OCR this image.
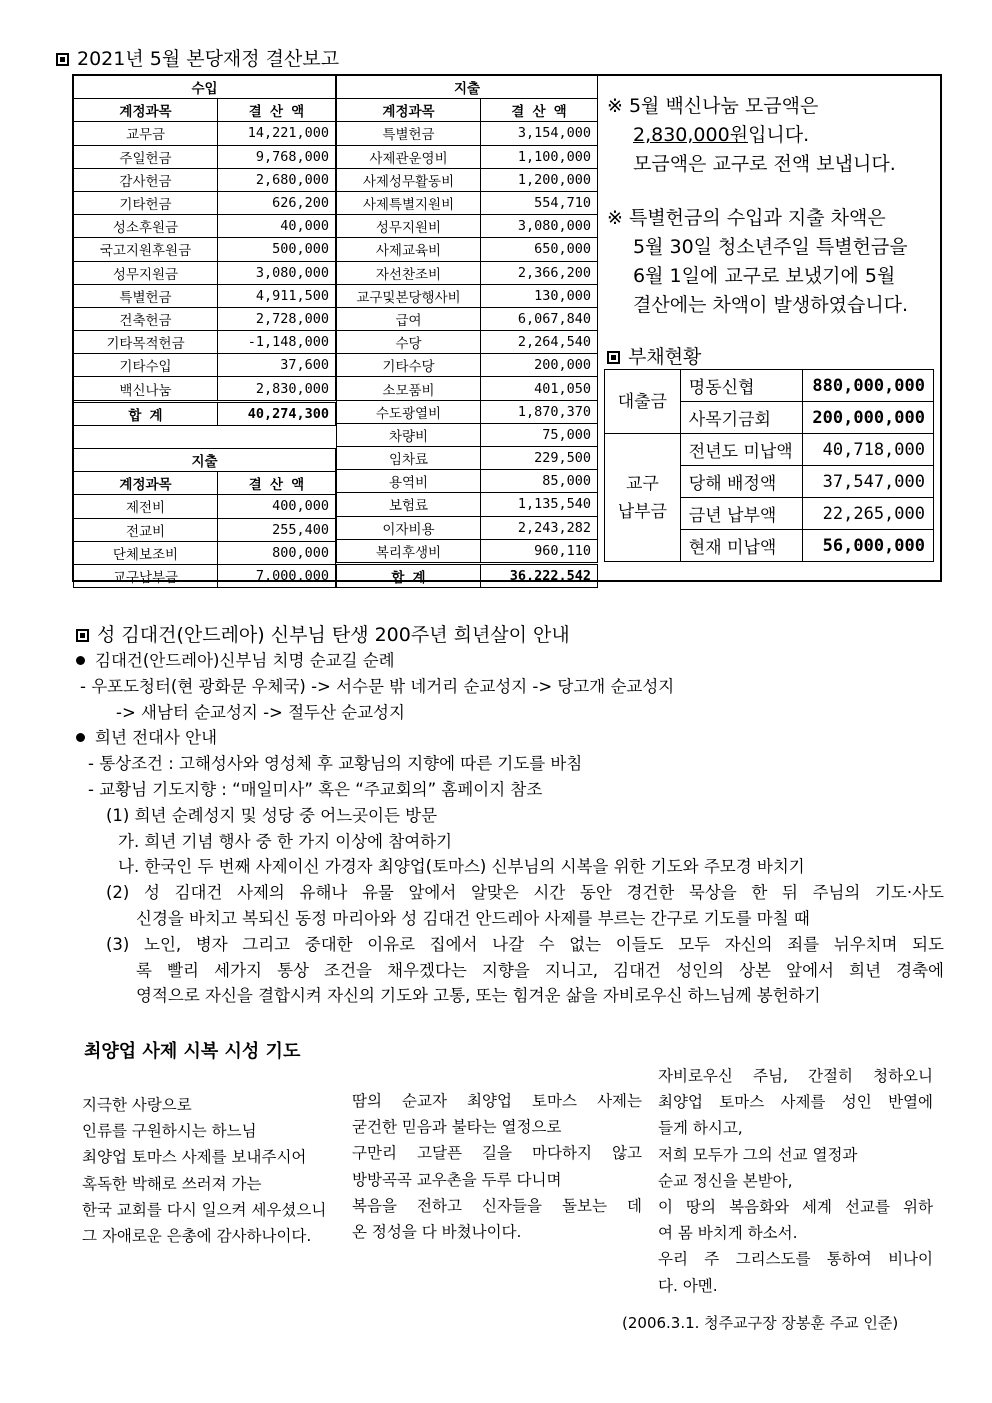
2021년 5월 본당재정 결산보고
수입	
계정과목	결 산 액
교무금	14,221,000
주일헌금	9,768,000
감사헌금	2,680,000
기타헌금	626,200
성소후원금	40,000
국고지원후원금	500,000
성무지원금	3,080,000
특별헌금	4,911,500
건축헌금	2,728,000
기타목적헌금	-1,148,000
기타수입	37,600
백신나눔	2,830,000
합 계	40,274,300

지출	
계정과목	결 산 액
제전비	400,000
전교비	255,400
단체보조비	800,000
교구납부금	7,000,000
지출	
계정과목	결 산 액
특별헌금	3,154,000
사제관운영비	1,100,000
사제성무활동비	1,200,000
사제특별지원비	554,710
성무지원비	3,080,000
사제교육비	650,000
자선찬조비	2,366,200
교구및본당행사비	130,000
급여	6,067,840
수당	2,264,540
기타수당	200,000
소모품비	401,050
수도광열비	1,870,370
차량비	75,000
임차료	229,500
용역비	85,000
보험료	1,135,540
이자비용	2,243,282
복리후생비	960,110
합 계	36,222,542
※ 5월 백신나눔 모금액은
2,830,000원입니다.
모금액은 교구로 전액 보냅니다.
※ 특별헌금의 수입과 지출 차액은
5월 30일 청소년주일 특별헌금을
6월 1일에 교구로 보냈기에 5월
결산에는 차액이 발생하였습니다.
부채현황
대출금	명동신협	880,000,000
	사목기금회	200,000,000

교구
납부금	전년도 미납액	40,718,000
	당해 배정액	37,547,000
	금년 납부액	22,265,000
	현재 미납액	56,000,000
성 김대건(안드레아) 신부님 탄생 200주년 희년살이 안내
김대건(안드레아)신부님 치명 순교길 순례
- 우포도청터(현 광화문 우체국) -> 서수문 밖 네거리 순교성지 -> 당고개 순교성지
-> 새남터 순교성지 -> 절두산 순교성지
희년 전대사 안내
- 통상조건 : 고해성사와 영성체 후 교황님의 지향에 따른 기도를 바침
- 교황님 기도지향 : “매일미사” 혹은 “주교회의” 홈페이지 참조
(1) 희년 순례성지 및 성당 중 어느곳이든 방문
가. 희년 기념 행사 중 한 가지 이상에 참여하기
나. 한국인 두 번째 사제이신 가경자 최양업(토마스) 신부님의 시복을 위한 기도와 주모경 바치기
(2) 성 김대건 사제의 유해나 유물 앞에서 알맞은 시간 동안 경건한 묵상을 한 뒤 주님의 기도·사도
신경을 바치고 복되신 동정 마리아와 성 김대건 안드레아 사제를 부르는 간구로 기도를 마칠 때
(3) 노인, 병자 그리고 중대한 이유로 집에서 나갈 수 없는 이들도 모두 자신의 죄를 뉘우치며 되도
록 빨리 세가지 통상 조건을 채우겠다는 지향을 지니고, 김대건 성인의 상본 앞에서 희년 경축에
영적으로 자신을 결합시켜 자신의 기도와 고통, 또는 힘겨운 삶을 자비로우신 하느님께 봉헌하기
최양업 사제 시복 시성 기도
지극한 사랑으로
인류를 구원하시는 하느님
최양업 토마스 사제를 보내주시어
혹독한 박해로 쓰러져 가는
한국 교회를 다시 일으켜 세우셨으니
그 자애로운 은총에 감사하나이다.
땀의 순교자 최양업 토마스 사제는
굳건한 믿음과 불타는 열정으로
구만리 고달픈 길을 마다하지 않고
방방곡곡 교우촌을 두루 다니며
복음을 전하고 신자들을 돌보는 데
온 정성을 다 바쳤나이다.
자비로우신 주님, 간절히 청하오니
최양업 토마스 사제를 성인 반열에
들게 하시고,
저희 모두가 그의 선교 열정과
순교 정신을 본받아,
이 땅의 복음화와 세계 선교를 위하
여 몸 바치게 하소서.
우리 주 그리스도를 통하여 비나이
다. 아멘.
(2006.3.1. 청주교구장 장봉훈 주교 인준)
